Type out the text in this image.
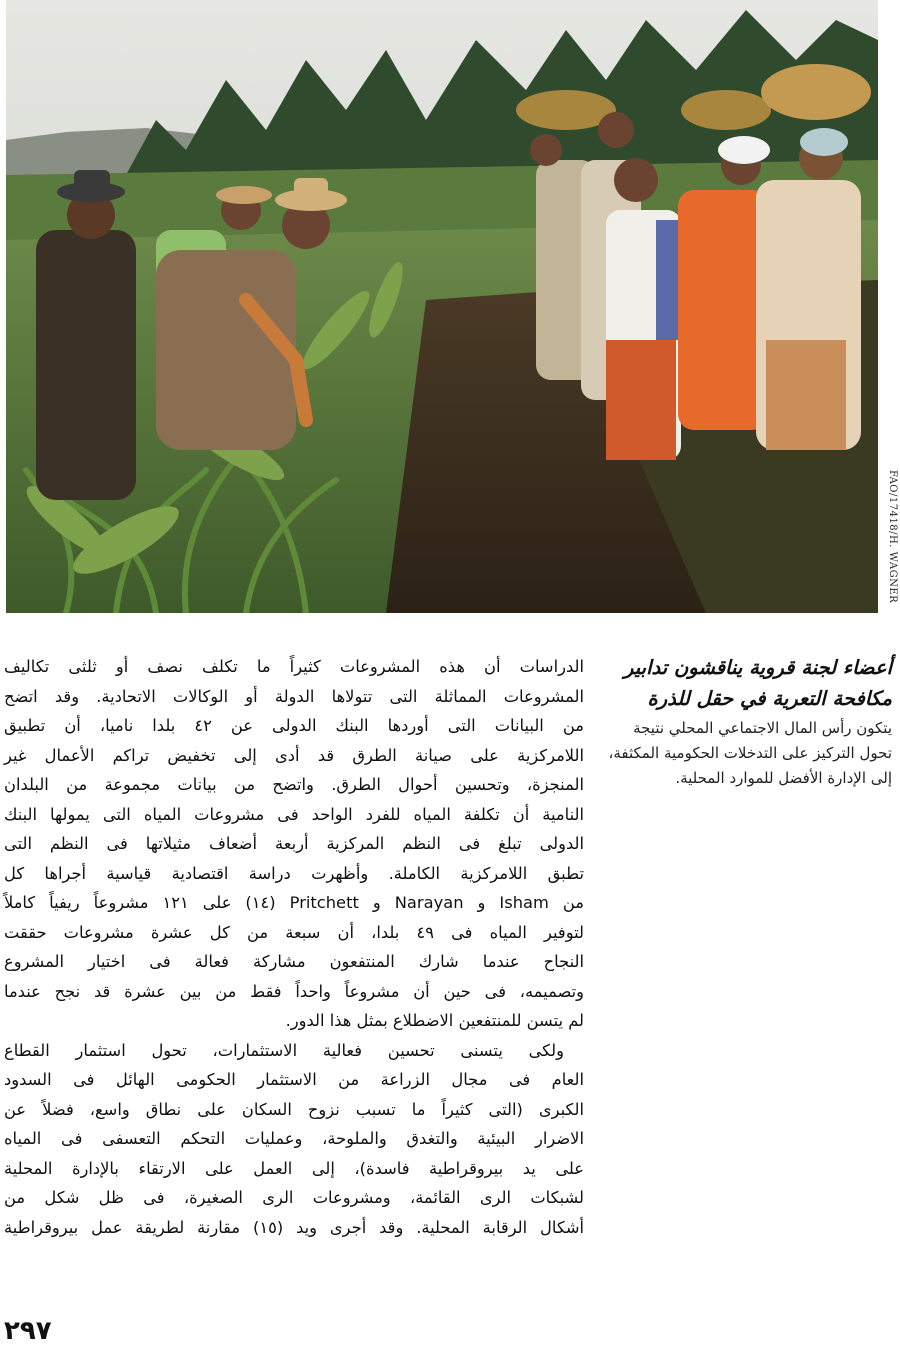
FAO/17418/H. WAGNER

أعضاء لجنة قروية يناقشون تدابير مكافحة التعرية في حقل للذرة

يتكون رأس المال الاجتماعي المحلي نتيجة تحول التركيز على التدخلات الحكومية المكثفة، إلى الإدارة الأفضل للموارد المحلية.

الدراسات أن هذه المشروعات كثيراً ما تكلف نصف أو ثلثى تكاليف
المشروعات المماثلة التى تتولاها الدولة أو الوكالات الاتحادية. وقد اتضح
من البيانات التى أوردها البنك الدولى عن ٤٢ بلدا ناميا، أن تطبيق
اللامركزية على صيانة الطرق قد أدى إلى تخفيض تراكم الأعمال غير
المنجزة، وتحسين أحوال الطرق. واتضح من بيانات مجموعة من البلدان
النامية أن تكلفة المياه للفرد الواحد فى مشروعات المياه التى يمولها البنك
الدولى تبلغ فى النظم المركزية أربعة أضعاف مثيلاتها فى النظم التى
تطبق اللامركزية الكاملة. وأظهرت دراسة اقتصادية قياسية أجراها كل
من Isham و Narayan و Pritchett (١٤) على ١٢١ مشروعاً ريفياً كاملاً
لتوفير المياه فى ٤٩ بلدا، أن سبعة من كل عشرة مشروعات حققت
النجاح عندما شارك المنتفعون مشاركة فعالة فى اختيار المشروع
وتصميمه، فى حين أن مشروعاً واحداً فقط من بين عشرة قد نجح عندما
لم يتسن للمنتفعين الاضطلاع بمثل هذا الدور.

ولكى يتسنى تحسين فعالية الاستثمارات، تحول استثمار القطاع

العام فى مجال الزراعة من الاستثمار الحكومى الهائل فى السدود
الكبرى (التى كثيراً ما تسبب نزوح السكان على نطاق واسع، فضلاً عن
الاضرار البيئية والتغدق والملوحة، وعمليات التحكم التعسفى فى المياه
على يد بيروقراطية فاسدة)، إلى العمل على الارتقاء بالإدارة المحلية
لشبكات الرى القائمة، ومشروعات الرى الصغيرة، فى ظل شكل من
أشكال الرقابة المحلية. وقد أجرى ويد (١٥) مقارنة لطريقة عمل بيروقراطية

٢٩٧
